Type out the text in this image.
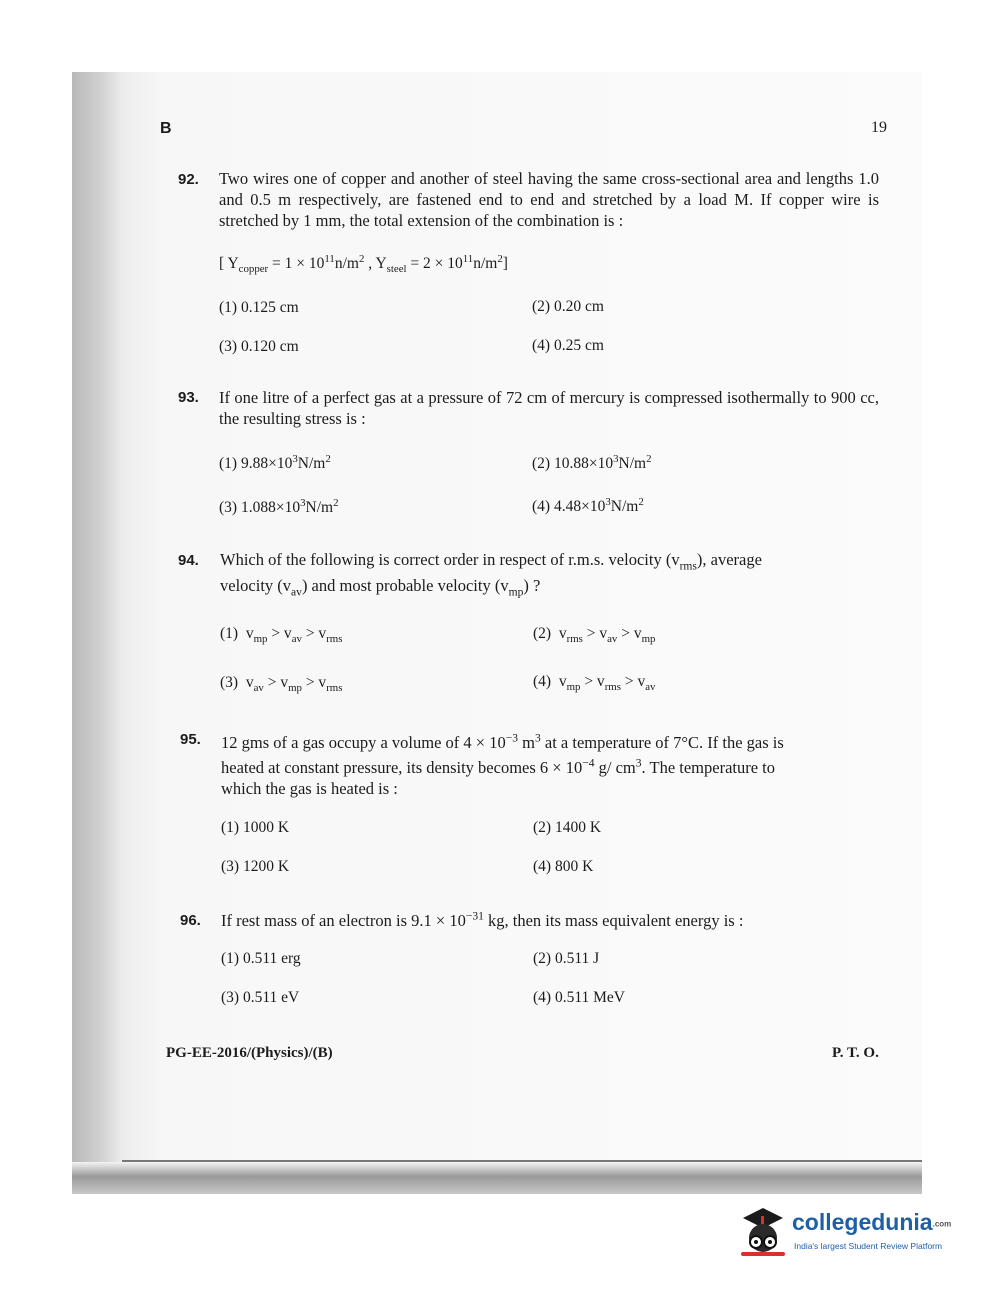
B	19
92. Two wires one of copper and another of steel having the same cross-sectional area and lengths 1.0 and 0.5 m respectively, are fastened end to end and stretched by a load M. If copper wire is stretched by 1 mm, the total extension of the combination is :
[ $Y_{copper} = 1 \times 10^{11}n/m^2$ , $Y_{steel} = 2 \times 10^{11}n/m^2$]
(1) 0.125 cm	(2) 0.20 cm
(3) 0.120 cm	(4) 0.25 cm
93. If one litre of a perfect gas at a pressure of 72 cm of mercury is compressed isothermally to 900 cc, the resulting stress is :
(1) $9.88\times 10^3N/m^2$	(2) $10.88\times 10^3N/m^2$
(3) $1.088\times 10^3N/m^2$	(4) $4.48\times 10^3N/m^2$
94. Which of the following is correct order in respect of r.m.s. velocity $(v_{rms})$, average
velocity $(v_{av})$ and most probable velocity $(v_{mp})$ ?
(1) $v_{mp} > v_{av} > v_{rms}$	(2) $v_{rms} > v_{av} > v_{mp}$
(3) $v_{av} > v_{mp} > v_{rms}$	(4) $v_{mp} > v_{rms} > v_{av}$
95. 12 gms of a gas occupy a volume of $4 \times 10^{-3}$ $m^3$ at a temperature of 7°C. If the gas is
heated at constant pressure, its density becomes $6 \times 10^{-4}$ g/ $cm^3$. The temperature to
which the gas is heated is :
(1) 1000 K	(2) 1400 K
(3) 1200 K	(4) 800 K
96. If rest mass of an electron is $9.1 \times 10^{-31}$ kg, then its mass equivalent energy is :
(1) 0.511 erg	(2) 0.511 J
(3) 0.511 eV	(4) 0.511 MeV
PG-EE-2016/(Physics)/(B)	P. T. O.
collegedunia.com
India's largest Student Review Platform
